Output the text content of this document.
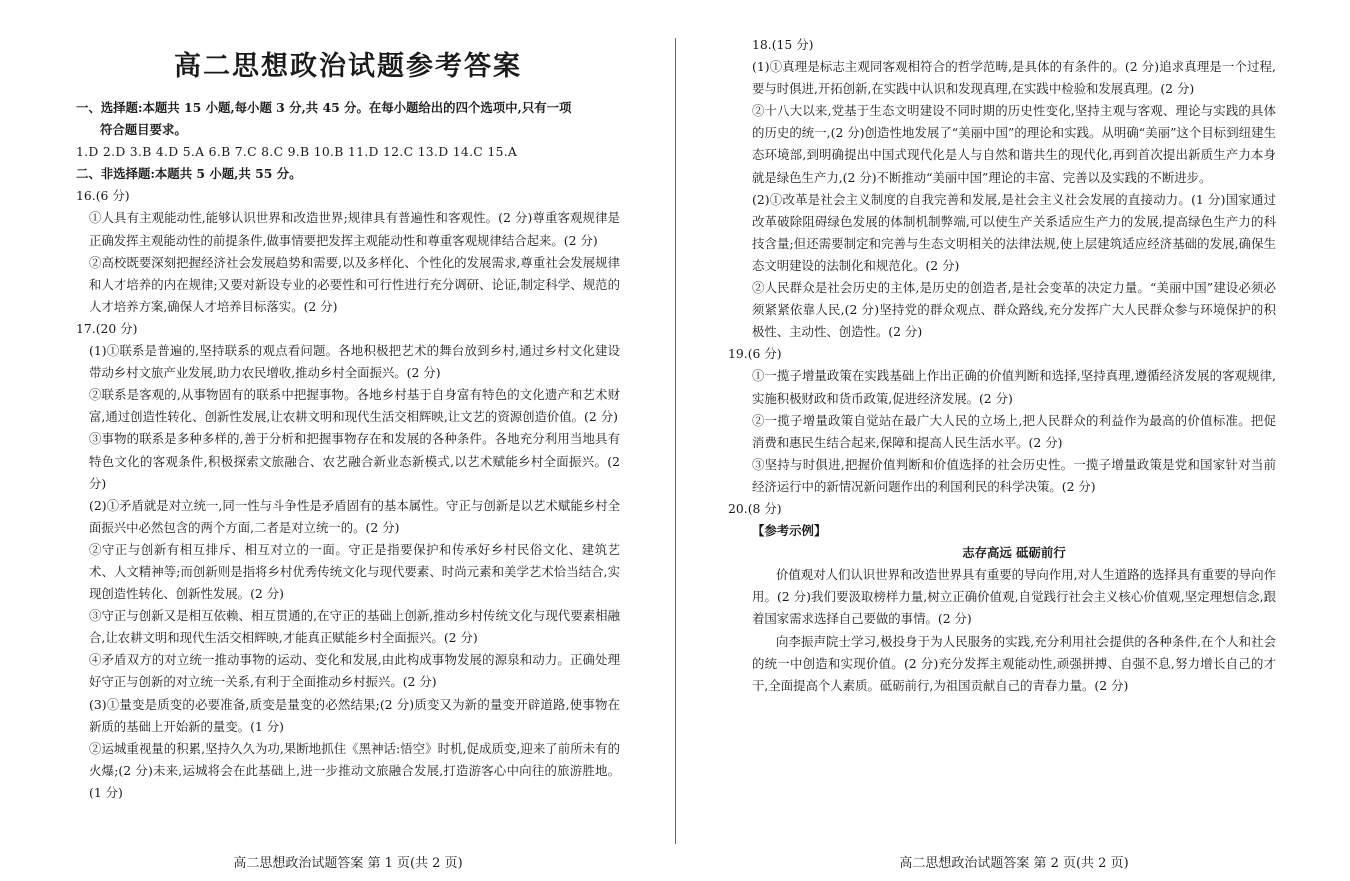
高二思想政治试题参考答案

一、选择题:本题共 15 小题,每小题 3 分,共 45 分。在每小题给出的四个选项中,只有一项

符合题目要求。

1.D 2.D 3.B 4.D 5.A 6.B 7.C 8.C 9.B 10.B 11.D 12.C 13.D 14.C 15.A

二、非选择题:本题共 5 小题,共 55 分。

16.(6 分)

①人具有主观能动性,能够认识世界和改造世界;规律具有普遍性和客观性。(2 分)尊重客观规律是正确发挥主观能动性的前提条件,做事情要把发挥主观能动性和尊重客观规律结合起来。(2 分)

②高校既要深刻把握经济社会发展趋势和需要,以及多样化、个性化的发展需求,尊重社会发展规律和人才培养的内在规律;又要对新设专业的必要性和可行性进行充分调研、论证,制定科学、规范的人才培养方案,确保人才培养目标落实。(2 分)

17.(20 分)

(1)①联系是普遍的,坚持联系的观点看问题。各地积极把艺术的舞台放到乡村,通过乡村文化建设带动乡村文旅产业发展,助力农民增收,推动乡村全面振兴。(2 分)

②联系是客观的,从事物固有的联系中把握事物。各地乡村基于自身富有特色的文化遗产和艺术财富,通过创造性转化、创新性发展,让农耕文明和现代生活交相辉映,让文艺的资源创造价值。(2 分)

③事物的联系是多种多样的,善于分析和把握事物存在和发展的各种条件。各地充分利用当地具有特色文化的客观条件,积极探索文旅融合、农艺融合新业态新模式,以艺术赋能乡村全面振兴。(2 分)

(2)①矛盾就是对立统一,同一性与斗争性是矛盾固有的基本属性。守正与创新是以艺术赋能乡村全面振兴中必然包含的两个方面,二者是对立统一的。(2 分)

②守正与创新有相互排斥、相互对立的一面。守正是指要保护和传承好乡村民俗文化、建筑艺术、人文精神等;而创新则是指将乡村优秀传统文化与现代要素、时尚元素和美学艺术恰当结合,实现创造性转化、创新性发展。(2 分)

③守正与创新又是相互依赖、相互贯通的,在守正的基础上创新,推动乡村传统文化与现代要素相融合,让农耕文明和现代生活交相辉映,才能真正赋能乡村全面振兴。(2 分)

④矛盾双方的对立统一推动事物的运动、变化和发展,由此构成事物发展的源泉和动力。正确处理好守正与创新的对立统一关系,有利于全面推动乡村振兴。(2 分)

(3)①量变是质变的必要准备,质变是量变的必然结果;(2 分)质变又为新的量变开辟道路,使事物在新质的基础上开始新的量变。(1 分)

②运城重视量的积累,坚持久久为功,果断地抓住《黑神话:悟空》时机,促成质变,迎来了前所未有的火爆;(2 分)未来,运城将会在此基础上,进一步推动文旅融合发展,打造游客心中向往的旅游胜地。(1 分)

18.(15 分)

(1)①真理是标志主观同客观相符合的哲学范畴,是具体的有条件的。(2 分)追求真理是一个过程,要与时俱进,开拓创新,在实践中认识和发现真理,在实践中检验和发展真理。(2 分)

②十八大以来,党基于生态文明建设不同时期的历史性变化,坚持主观与客观、理论与实践的具体的历史的统一,(2 分)创造性地发展了“美丽中国”的理论和实践。从明确“美丽”这个目标到纽建生态环境部,到明确提出中国式现代化是人与自然和谐共生的现代化,再到首次提出新质生产力本身就是绿色生产力,(2 分)不断推动“美丽中国”理论的丰富、完善以及实践的不断进步。

(2)①改革是社会主义制度的自我完善和发展,是社会主义社会发展的直接动力。(1 分)国家通过改革破除阻碍绿色发展的体制机制弊端,可以使生产关系适应生产力的发展,提高绿色生产力的科技含量;但还需要制定和完善与生态文明相关的法律法规,使上层建筑适应经济基础的发展,确保生态文明建设的法制化和规范化。(2 分)

②人民群众是社会历史的主体,是历史的创造者,是社会变革的决定力量。“美丽中国”建设必须必须紧紧依靠人民,(2 分)坚持党的群众观点、群众路线,充分发挥广大人民群众参与环境保护的积极性、主动性、创造性。(2 分)

19.(6 分)

①一揽子增量政策在实践基础上作出正确的价值判断和选择,坚持真理,遵循经济发展的客观规律,实施积极财政和货币政策,促进经济发展。(2 分)

②一揽子增量政策自觉站在最广大人民的立场上,把人民群众的利益作为最高的价值标准。把促消费和惠民生结合起来,保障和提高人民生活水平。(2 分)

③坚持与时俱进,把握价值判断和价值选择的社会历史性。一揽子增量政策是党和国家针对当前经济运行中的新情况新问题作出的利国利民的科学决策。(2 分)

20.(8 分)

【参考示例】

志存高远 砥砺前行

价值观对人们认识世界和改造世界具有重要的导向作用,对人生道路的选择具有重要的导向作用。(2 分)我们要汲取榜样力量,树立正确价值观,自觉践行社会主义核心价值观,坚定理想信念,跟着国家需求选择自己要做的事情。(2 分)

向李振声院士学习,极投身于为人民服务的实践,充分利用社会提供的各种条件,在个人和社会的统一中创造和实现价值。(2 分)充分发挥主观能动性,顽强拼搏、自强不息,努力增长自己的才干,全面提高个人素质。砥砺前行,为祖国贡献自己的青春力量。(2 分)

高二思想政治试题答案 第 1 页(共 2 页)	高二思想政治试题答案 第 2 页(共 2 页)
